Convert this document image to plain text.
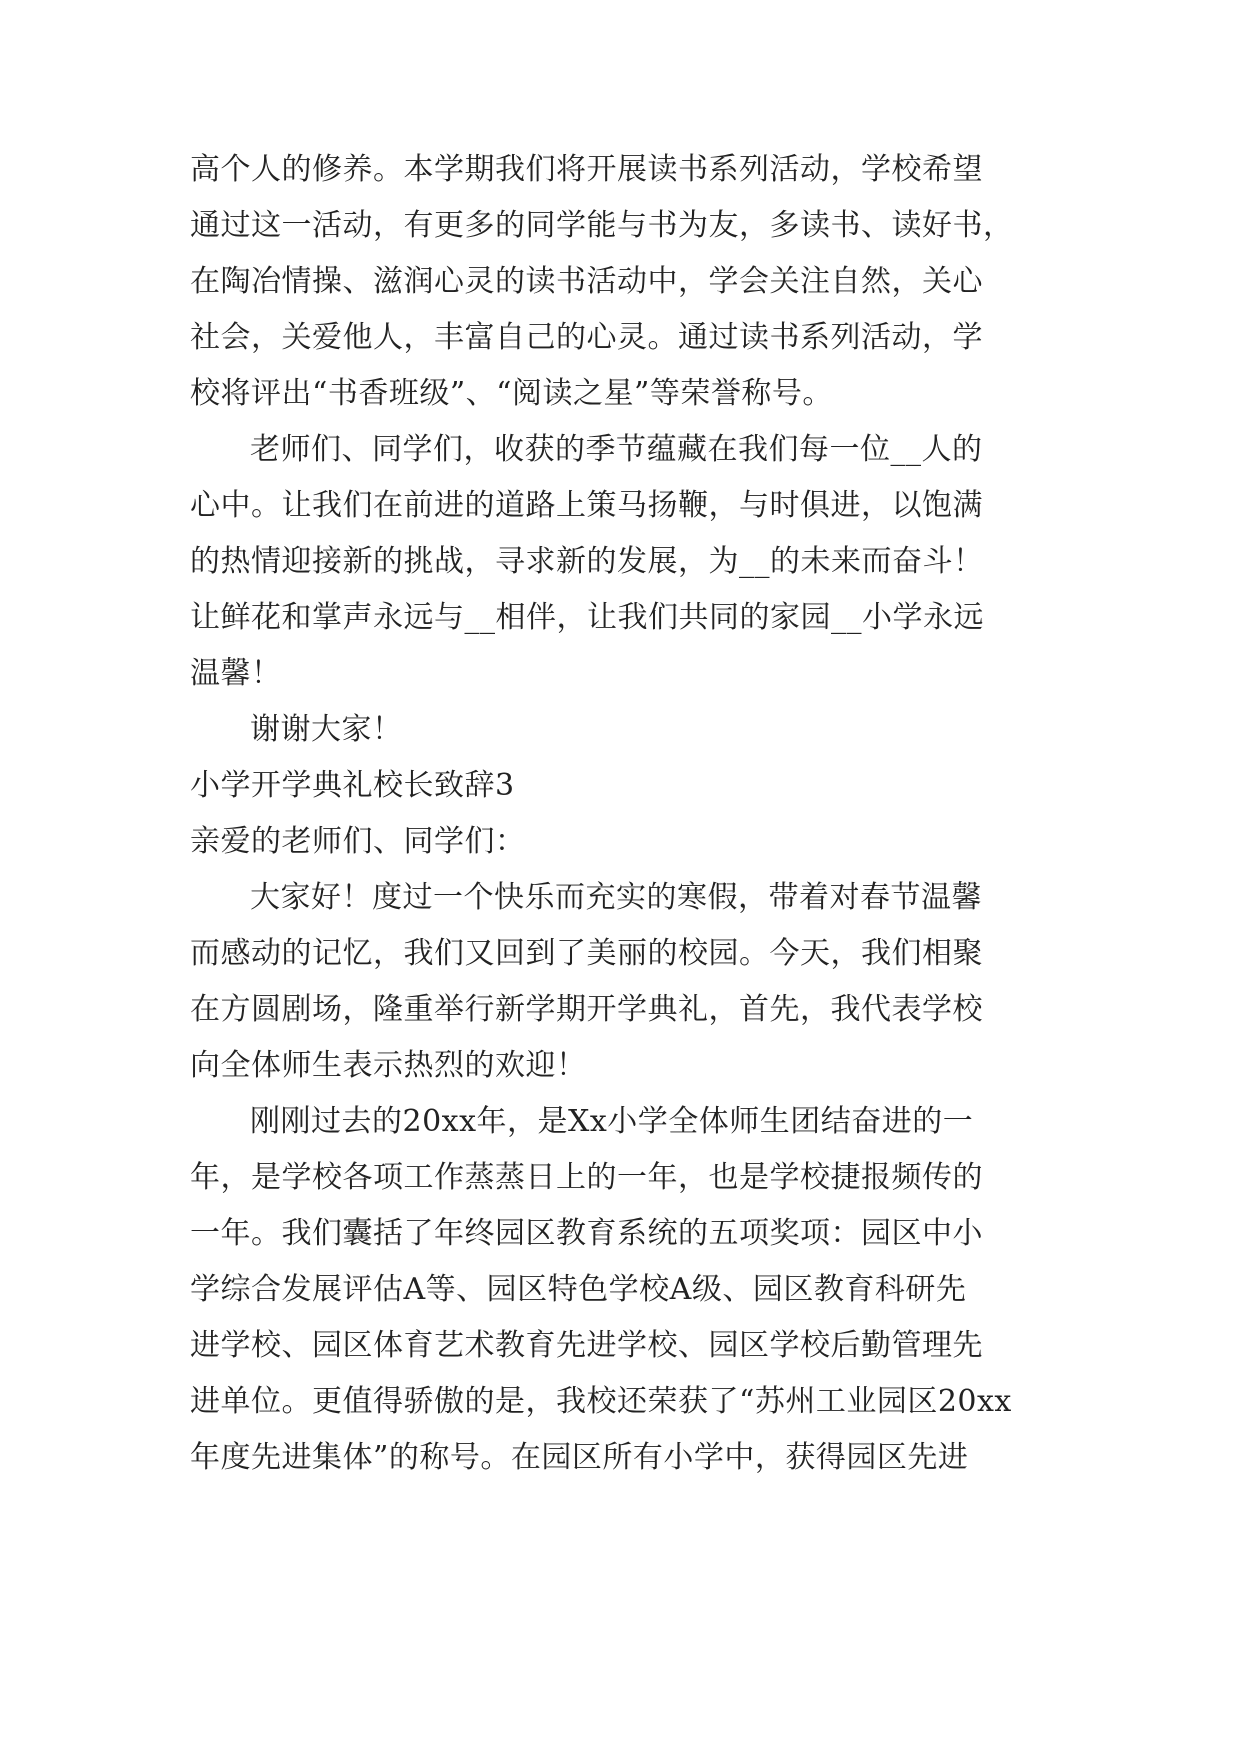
高个人的修养。本学期我们将开展读书系列活动，学校希望
通过这一活动，有更多的同学能与书为友，多读书、读好书，
在陶冶情操、滋润心灵的读书活动中，学会关注自然，关心
社会，关爱他人，丰富自己的心灵。通过读书系列活动，学
校将评出“书香班级”、“阅读之星”等荣誉称号。
老师们、同学们，收获的季节蕴藏在我们每一位__人的
心中。让我们在前进的道路上策马扬鞭，与时俱进，以饱满
的热情迎接新的挑战，寻求新的发展，为__的未来而奋斗！
让鲜花和掌声永远与__相伴，让我们共同的家园__小学永远
温馨！
谢谢大家！
小学开学典礼校长致辞3
亲爱的老师们、同学们：
大家好！度过一个快乐而充实的寒假，带着对春节温馨
而感动的记忆，我们又回到了美丽的校园。今天，我们相聚
在方圆剧场，隆重举行新学期开学典礼，首先，我代表学校
向全体师生表示热烈的欢迎！
刚刚过去的20xx年，是Xx小学全体师生团结奋进的一
年，是学校各项工作蒸蒸日上的一年，也是学校捷报频传的
一年。我们囊括了年终园区教育系统的五项奖项：园区中小
学综合发展评估A等、园区特色学校A级、园区教育科研先
进学校、园区体育艺术教育先进学校、园区学校后勤管理先
进单位。更值得骄傲的是，我校还荣获了“苏州工业园区20xx
年度先进集体”的称号。在园区所有小学中，获得园区先进
